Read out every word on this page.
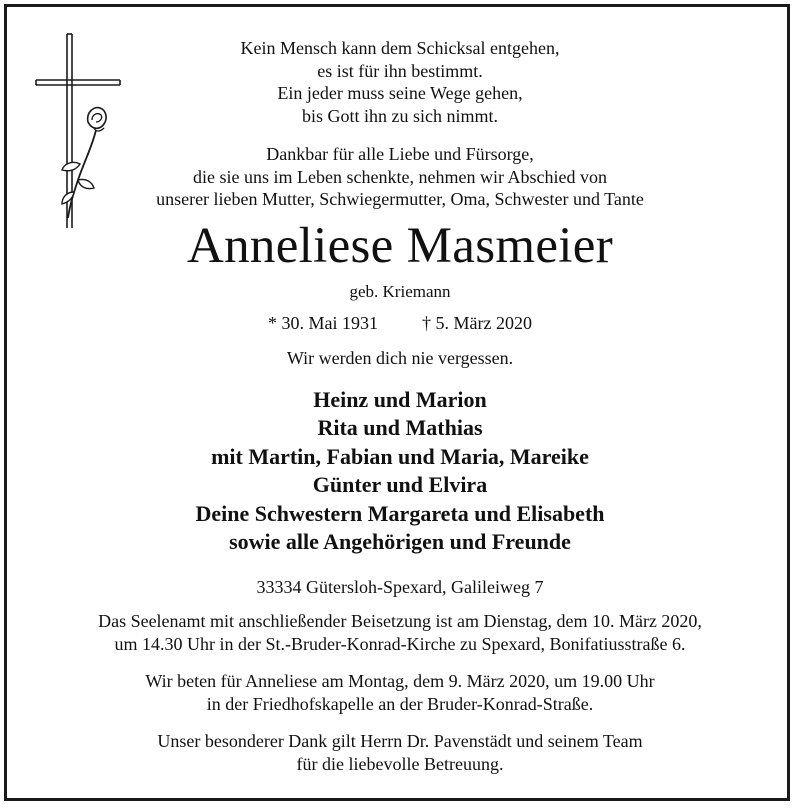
Kein Mensch kann dem Schicksal entgehen,

es ist für ihn bestimmt.

Ein jeder muss seine Wege gehen,

bis Gott ihn zu sich nimmt.

Dankbar für alle Liebe und Fürsorge,

die sie uns im Leben schenkte, nehmen wir Abschied von

unserer lieben Mutter, Schwiegermutter, Oma, Schwester und Tante

Anneliese Masmeier
geb. Kriemann
* 30. Mai 1931 † 5. März 2020
Wir werden dich nie vergessen.

Heinz und Marion

Rita und Mathias

mit Martin, Fabian und Maria, Mareike

Günter und Elvira

Deine Schwestern Margareta und Elisabeth

sowie alle Angehörigen und Freunde

33334 Gütersloh-Spexard, Galileiweg 7

Das Seelenamt mit anschließender Beisetzung ist am Dienstag, dem 10. März 2020,

um 14.30 Uhr in der St.-Bruder-Konrad-Kirche zu Spexard, Bonifatiusstraße 6.

Wir beten für Anneliese am Montag, dem 9. März 2020, um 19.00 Uhr

in der Friedhofskapelle an der Bruder-Konrad-Straße.

Unser besonderer Dank gilt Herrn Dr. Pavenstädt und seinem Team

für die liebevolle Betreuung.
